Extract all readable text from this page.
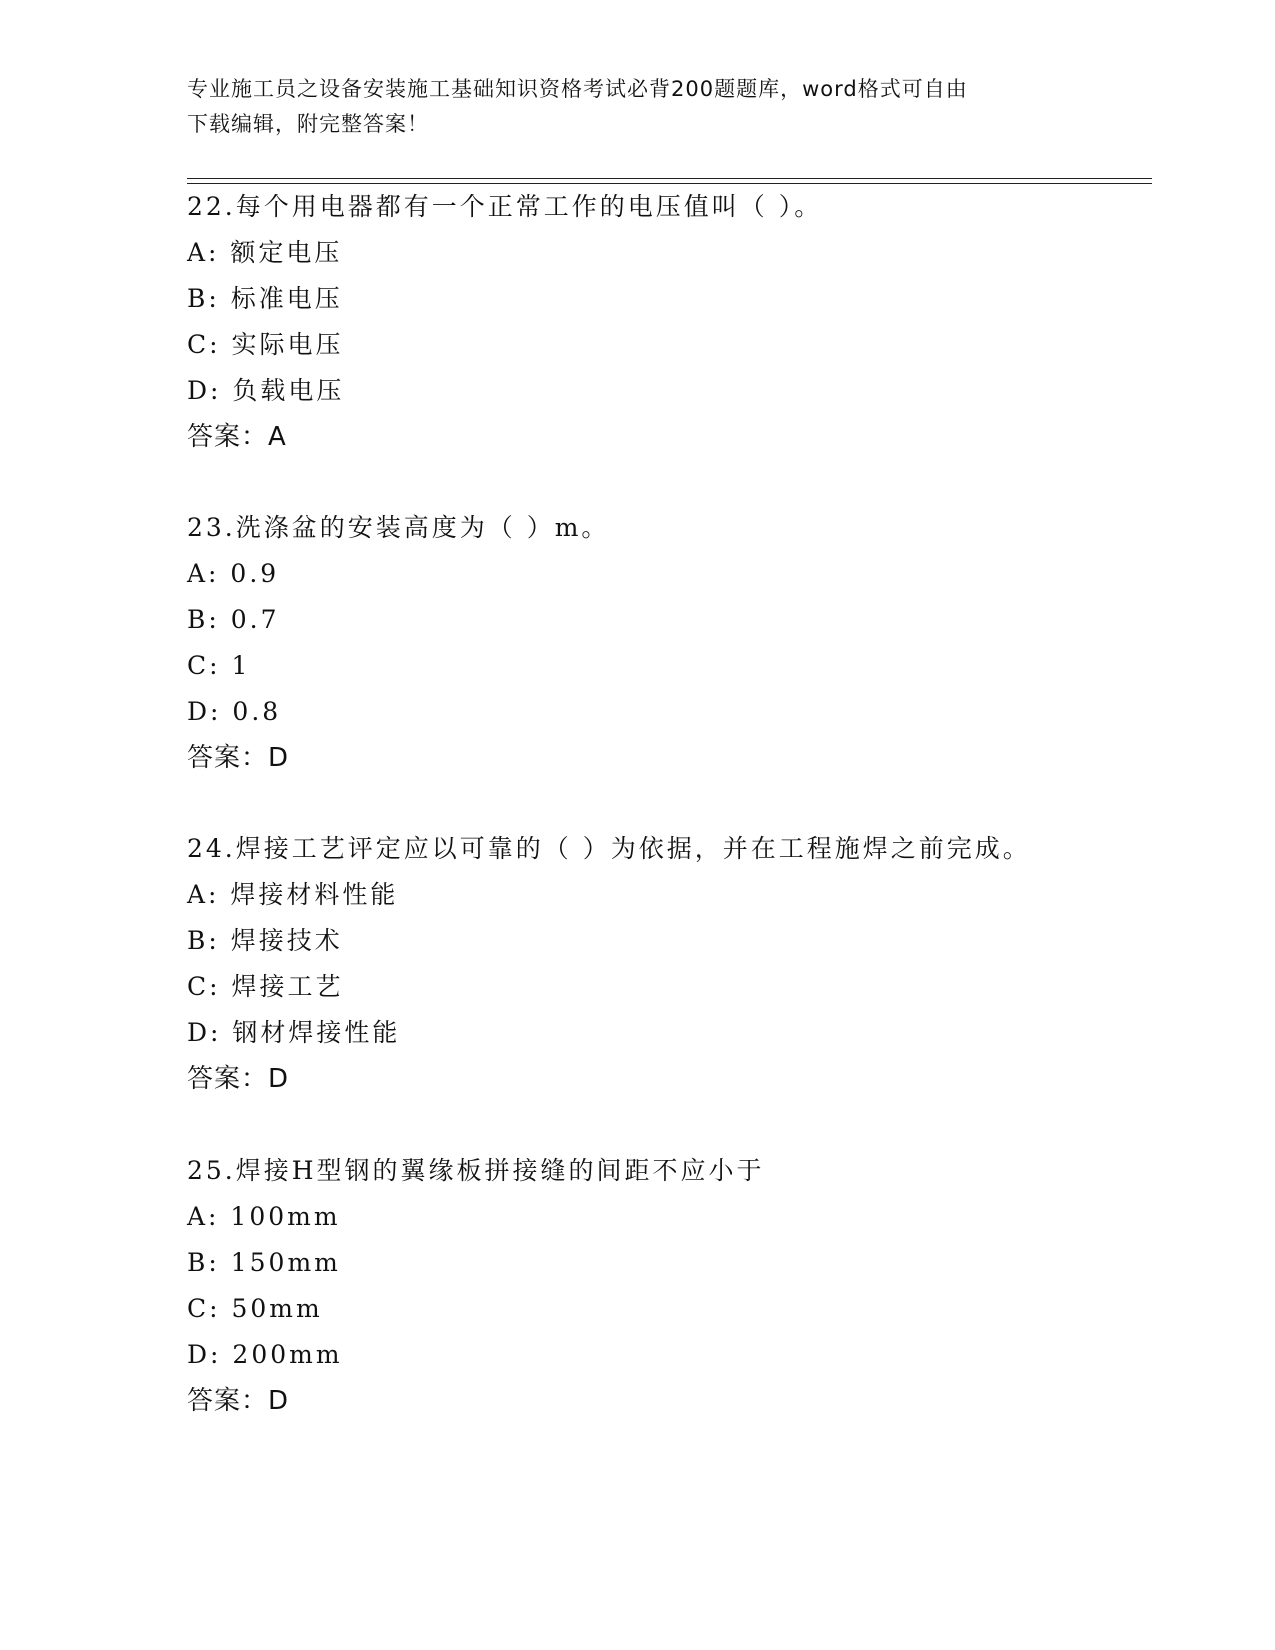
专业施工员之设备安装施工基础知识资格考试必背200题题库，word格式可自由
下载编辑，附完整答案！
22.每个用电器都有一个正常工作的电压值叫（ ）。
A: 额定电压
B: 标准电压
C: 实际电压
D: 负载电压
答案：A
23.洗涤盆的安装高度为（ ）m。
A: 0.9
B: 0.7
C: 1
D: 0.8
答案：D
24.焊接工艺评定应以可靠的（ ）为依据，并在工程施焊之前完成。
A: 焊接材料性能
B: 焊接技术
C: 焊接工艺
D: 钢材焊接性能
答案：D
25.焊接H型钢的翼缘板拼接缝的间距不应小于
A: 100mm
B: 150mm
C: 50mm
D: 200mm
答案：D
